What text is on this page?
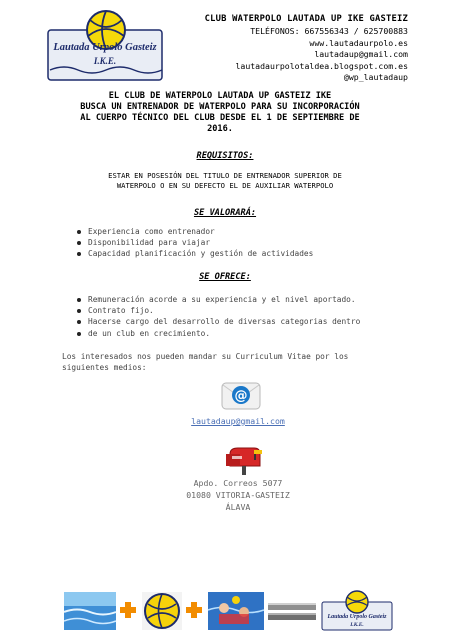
Lautada Urpolo Gasteiz
I.K.E.
CLUB WATERPOLO LAUTADA UP IKE GASTEIZ
TELÉFONOS: 667556343 / 625700883
www.lautadaurpolo.es
lautadaup@gmail.com
lautadaurpolotaldea.blogspot.com.es
@wp_lautadaup
EL CLUB DE WATERPOLO LAUTADA UP GASTEIZ IKE
BUSCA UN ENTRENADOR DE WATERPOLO PARA SU INCORPORACIÓN
AL CUERPO TÉCNICO DEL CLUB DESDE EL 1 DE SEPTIEMBRE DE
2016.
REQUISITOS:
ESTAR EN POSESIÓN DEL TITULO DE ENTRENADOR SUPERIOR DE
WATERPOLO O EN SU DEFECTO EL DE AUXILIAR WATERPOLO
SE VALORARÁ:
Experiencia como entrenador
Disponibilidad para viajar
Capacidad planificación y gestión de actividades
SE OFRECE:
Remuneración acorde a su experiencia y el nivel aportado.
Contrato fijo.
Hacerse cargo del desarrollo de diversas categorias dentro
de un club en crecimiento.
Los interesados nos pueden mandar su Curriculum Vitae por los
siguientes medios:
@
lautadaup@gmail.com
Apdo. Correos 5077
01080 VITORIA-GASTEIZ
ÁLAVA
Lautada Urpolo Gasteiz
I.K.E.
